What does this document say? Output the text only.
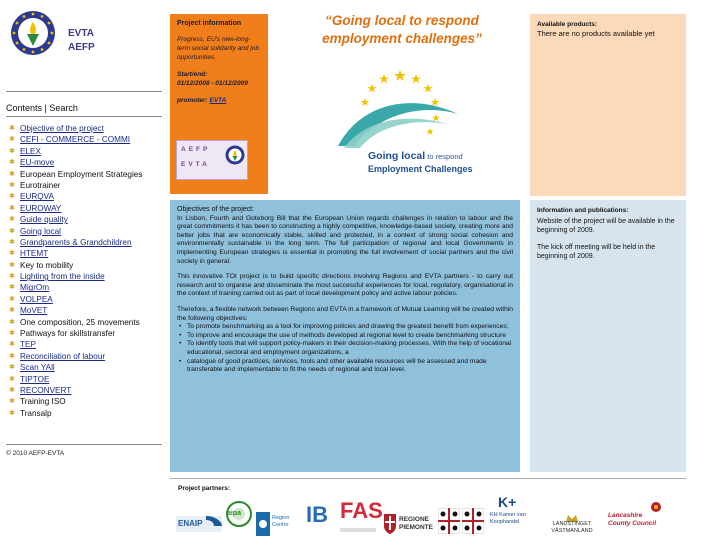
EVTA
AEFP
Contents | Search
✱ Objective of the project
✱ CEFI - COMMERCE - COMMI
✱ ELEX
✱ EU-move
✱ European Employment Strategies
✱ Eurotrainer
✱ EURQVA
✱ EUROWAY
✱ Guide quality
✱ Going local
✱ Grandparents & Grandchildren
✱ HTEMT
✱ Key to mobility
✱ Lighting from the inside
✱ MigrOm
✱ VOLPEA
✱ MoVET
✱ One composition, 25 movements
✱ Pathways for skillstransfer
✱ TEP
✱ Reconciliation of labour
✱ Scan YAll
✱ TIPTOE
✱ RECONVERT
✱ Training ISO
✱ Transalp
© 2010 AEFP-EVTA
Project information
Progress, EU's new-long-term social solidarity and job opportunities.
Start/end:
01/12/2008 - 01/12/2009
promoter: EVTA
AEFP
EVTA
“Going local to respond
employment challenges”
Going local to respond
Employment Challenges
Available products:
There are no products available yet
Information and publications:
Website of the project will be available in the beginning of 2009.
The kick off meeting will be held in the beginning of 2009.
Objectives of the project:
In Lisbon, Fourth and Goteborg Bill that the European Union regards challenges in relation to labour and the great commitments it has been to constructing a highly competitive, knowledge-based society, creating more and better jobs that are economically stable, skilled and protected, in a context of strong social cohesion and environmentally sustainable in the long term. The full participation of regional and local Governments in implementing European strategies is essential in promoting the full involvement of social partners and the civil society in general.
This innovative TOI project is to build specific directions involving Regions and EVTA partners - to carry out research and to organise and disseminate the most successful experiences for local, regulatory, organisational in the context of training carried out as part of local development policy and active labour policies.
Therefore, a flexible network between Regions and EVTA in a framework of Mutual Learning will be created within the following objectives:
• To promote benchmarking as a tool for improving policies and drawing the greatest benefit from experiences;
• To improve and encourage the use of methods developed at regional level to create benchmarking structure
• To identify tools that will support policy-makers in their decision-making processes. With the help of vocational educational, sectoral and employment organizations, a
• catalogue of good practices, services, tools and other available resources will be assessed and made transferable and implementable to fit the needs of regional and local level.
Project partners:
ENAIP
aipa
Region Centre IB FAS REGIONE PIEMONTE
K+
KH Kamer van Koophandel	LANDSTINGET VÄSTMANLAND
Lancashire County Council
